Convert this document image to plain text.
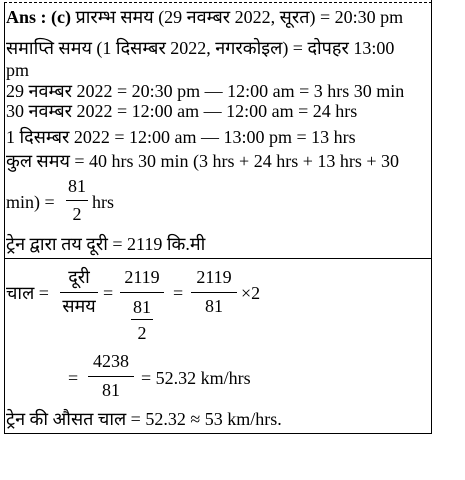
Ans : (c) प्रारम्भ समय (29 नवम्बर 2022, सूरत) = 20:30 pm
समाप्ति समय (1 दिसम्बर 2022, नगरकोइल) = दोपहर 13:00
pm
29 नवम्बर 2022 = 20:30 pm — 12:00 am = 3 hrs 30 min
30 नवम्बर 2022 = 12:00 am — 12:00 am = 24 hrs
1 दिसम्बर 2022 = 12:00 am — 13:00 pm = 13 hrs
कुल समय = 40 hrs 30 min (3 hrs + 24 hrs + 13 hrs + 30
min) =
81
2
hrs
ट्रेन द्वारा तय दूरी = 2119 कि.मी
चाल =
दूरी
समय
=
2119
81
2
=
2119
81
×2
=
4238
81
= 52.32 km/hrs
ट्रेन की औसत चाल = 52.32 ≈ 53 km/hrs.
